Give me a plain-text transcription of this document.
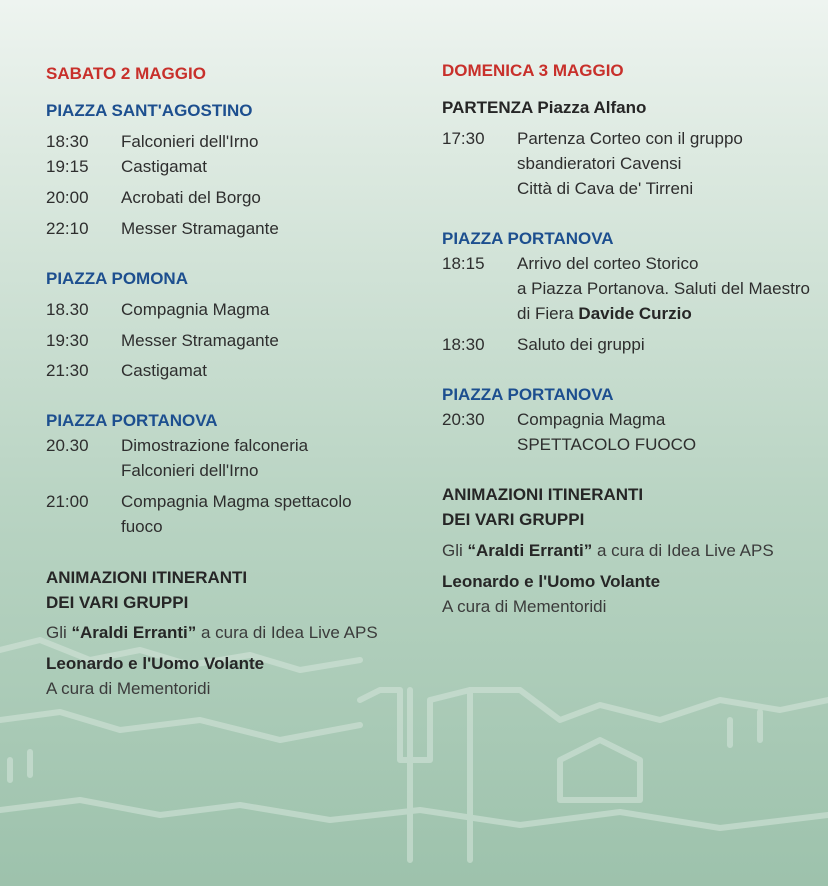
SABATO 2 MAGGIO
PIAZZA SANT'AGOSTINO
18:30 Falconieri dell'Irno
19:15 Castigamat
20:00 Acrobati del Borgo
22:10 Messer Stramagante
PIAZZA POMONA
18.30 Compagnia Magma
19:30 Messer Stramagante
21:30 Castigamat
PIAZZA PORTANOVA
20.30 Dimostrazione falconeria
Falconieri dell'Irno
21:00 Compagnia Magma spettacolo
fuoco
ANIMAZIONI ITINERANTI
DEI VARI GRUPPI
Gli “Araldi Erranti” a cura di Idea Live APS
Leonardo e l'Uomo Volante
A cura di Mementoridi
DOMENICA 3 MAGGIO
PARTENZA Piazza Alfano
17:30 Partenza Corteo con il gruppo
sbandieratori Cavensi
Città di Cava de' Tirreni
PIAZZA PORTANOVA
18:15 Arrivo del corteo Storico
a Piazza Portanova. Saluti del Maestro
di Fiera Davide Curzio
18:30 Saluto dei gruppi
PIAZZA PORTANOVA
20:30 Compagnia Magma
SPETTACOLO FUOCO
ANIMAZIONI ITINERANTI
DEI VARI GRUPPI
Gli “Araldi Erranti” a cura di Idea Live APS
Leonardo e l'Uomo Volante
A cura di Mementoridi
